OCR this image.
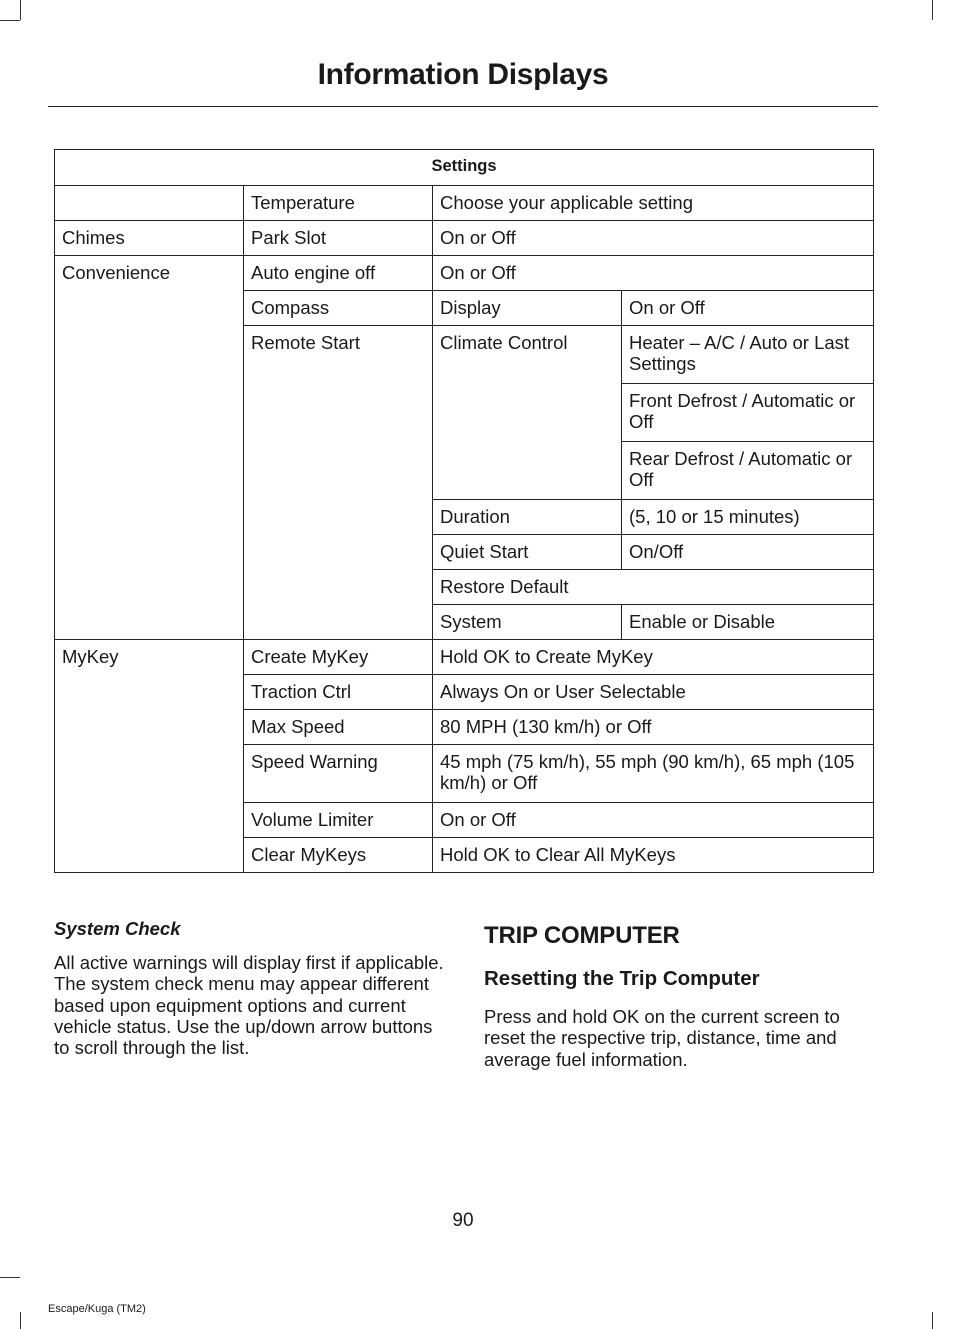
Information Displays
Settings			
	Temperature	Choose your applicable setting	
Chimes	Park Slot	On or Off	
Convenience	Auto engine off	On or Off	
	Compass	Display	On or Off
	Remote Start	Climate Control	Heater – A/C / Auto or Last Settings
			Front Defrost / Automatic or Off
			Rear Defrost / Automatic or Off
		Duration	(5, 10 or 15 minutes)
		Quiet Start	On/Off
		Restore Default	
		System	Enable or Disable
MyKey	Create MyKey	Hold OK to Create MyKey	
	Traction Ctrl	Always On or User Selectable	
	Max Speed	80 MPH (130 km/h) or Off	
	Speed Warning	45 mph (75 km/h), 55 mph (90 km/h), 65 mph (105 km/h) or Off	
	Volume Limiter	On or Off	
	Clear MyKeys	Hold OK to Clear All MyKeys	
System Check
All active warnings will display first if applicable. The system check menu may appear different based upon equipment options and current vehicle status. Use the up/down arrow buttons to scroll through the list.
TRIP COMPUTER
Resetting the Trip Computer
Press and hold OK on the current screen to reset the respective trip, distance, time and average fuel information.
90
Escape/Kuga (TM2)
